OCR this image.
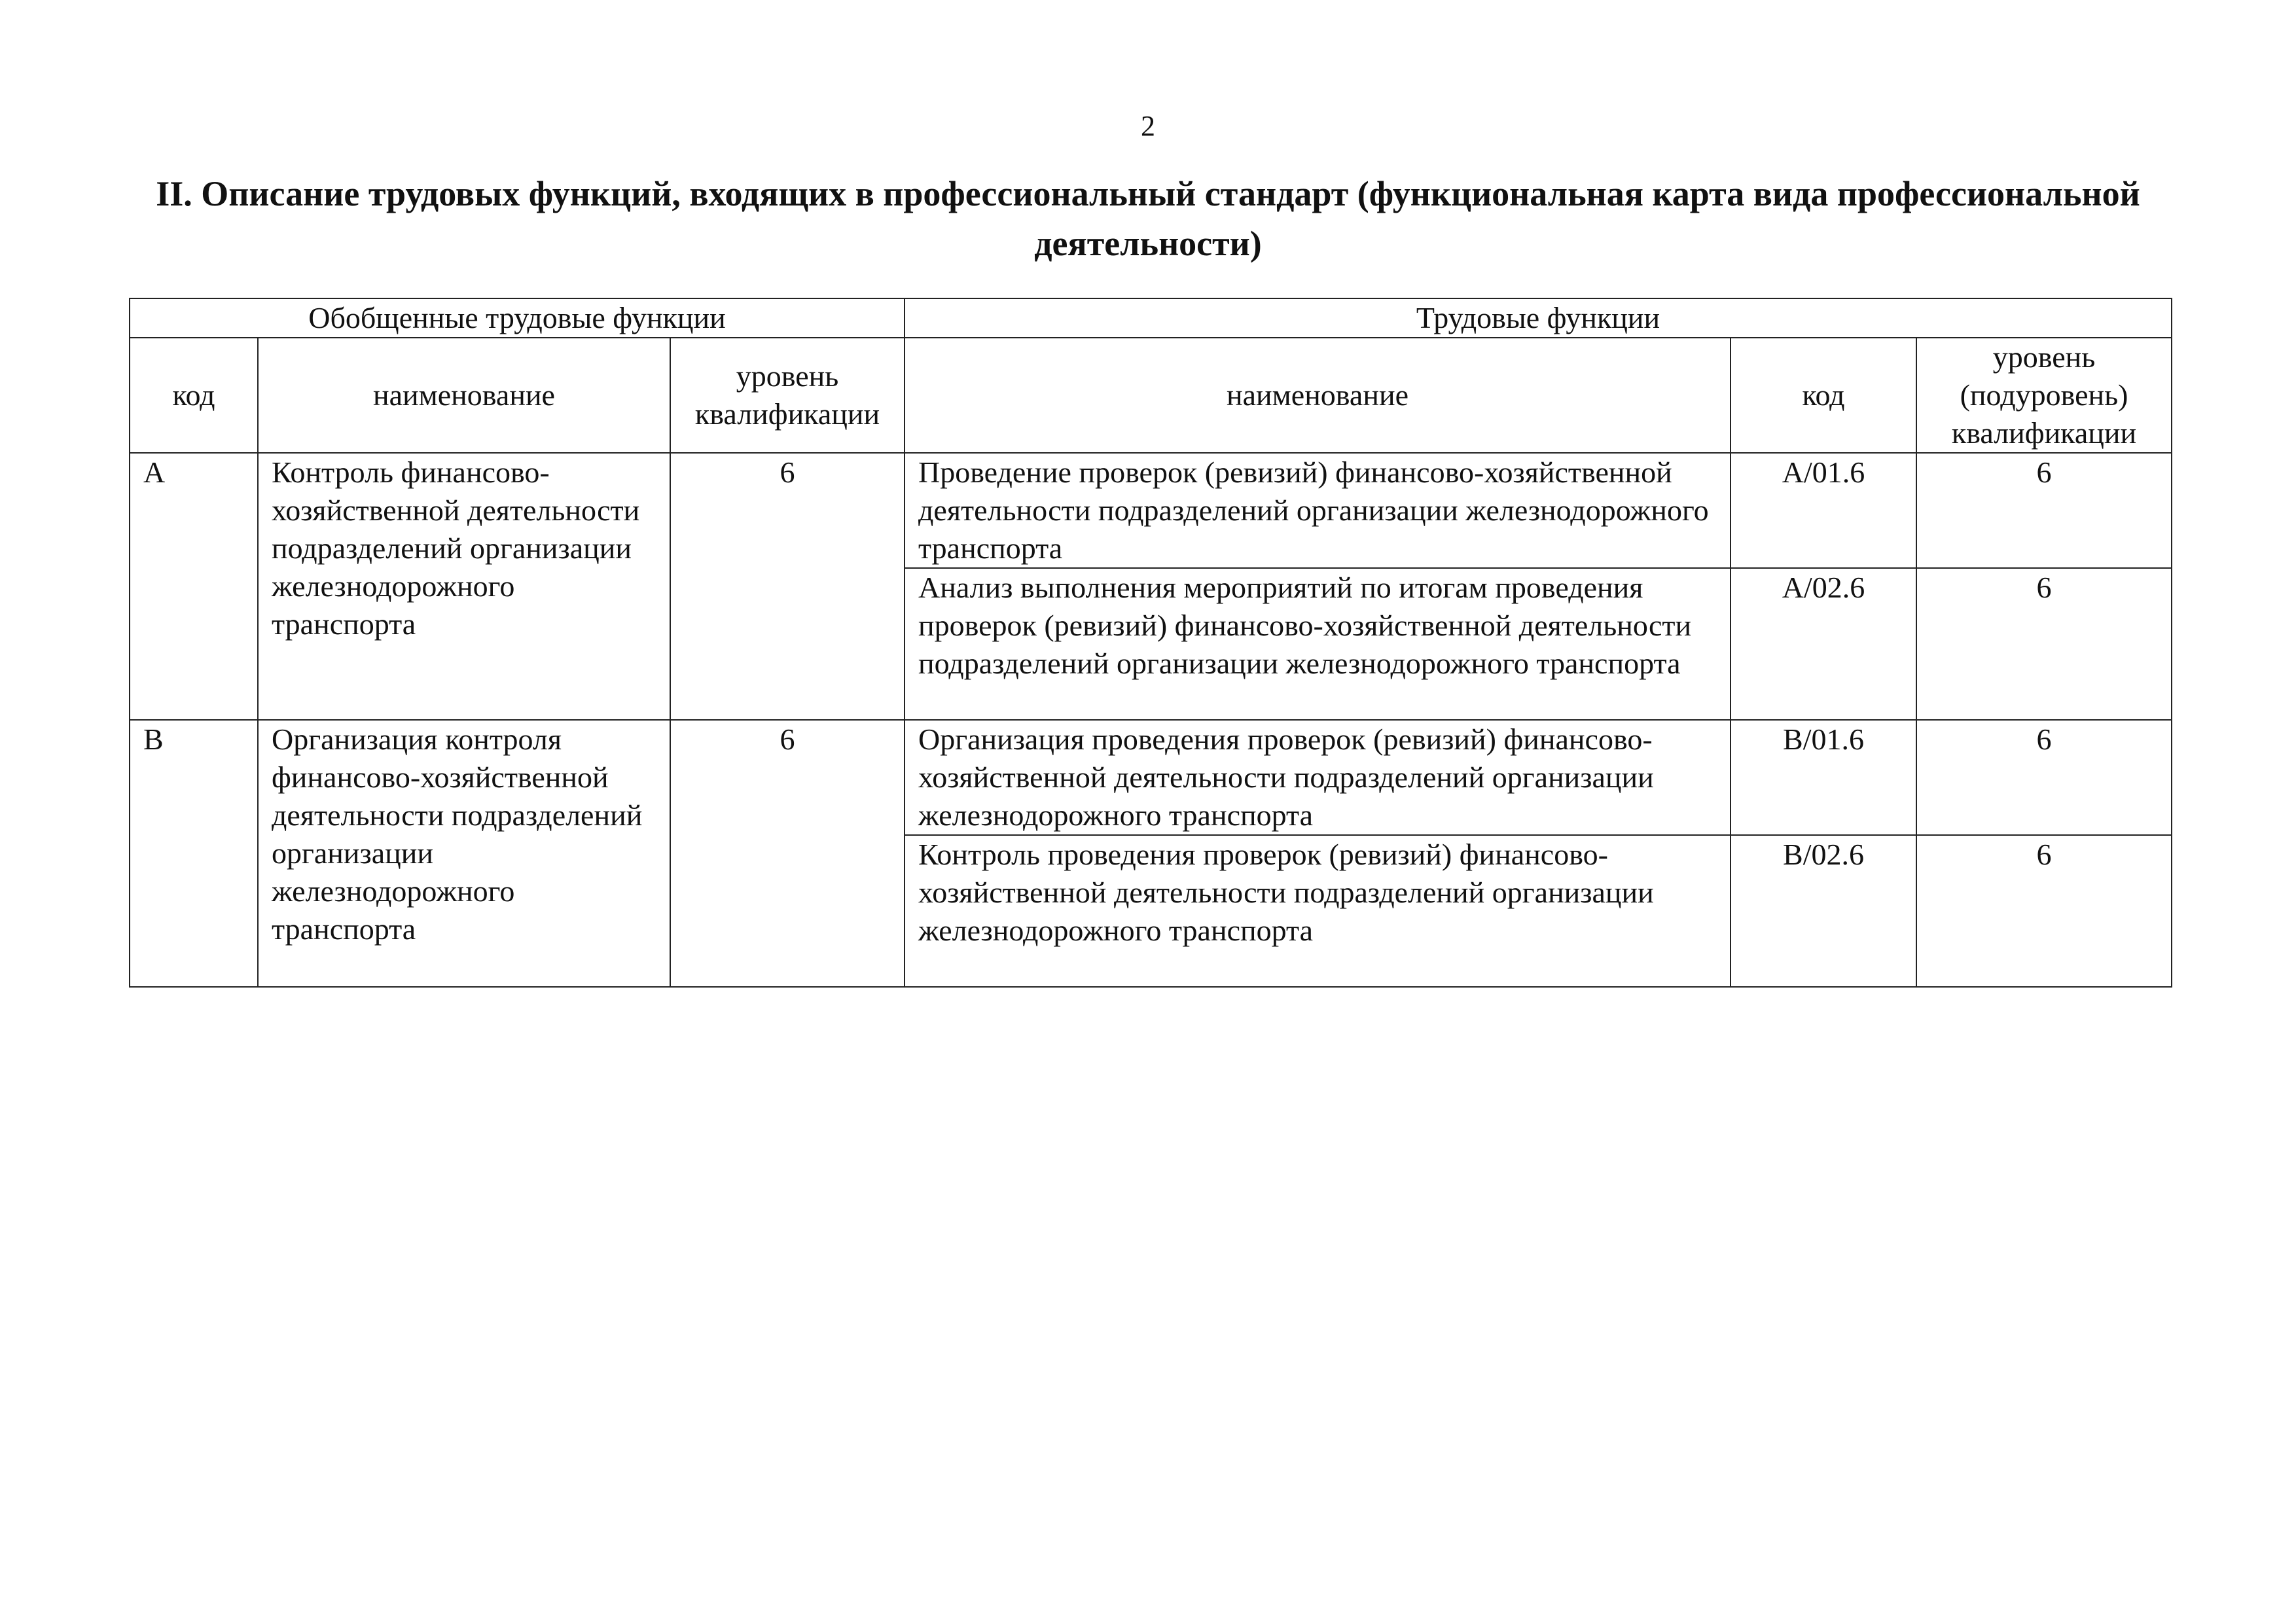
2
II. Описание трудовых функций, входящих в профессиональный стандарт (функциональная карта вида профессиональной деятельности)
Обобщенные трудовые функции			Трудовые функции		
код	наименование	уровень квалификации	наименование	код	уровень (подуровень) квалификации
A	Контроль финансово-хозяйственной деятельности подразделений организации железнодорожного транспорта	6	Проведение проверок (ревизий) финансово-хозяйственной деятельности подразделений организации железнодорожного транспорта	A/01.6	6
			Анализ выполнения мероприятий по итогам проведения проверок (ревизий) финансово-хозяйственной деятельности подразделений организации железнодорожного транспорта	A/02.6	6
B	Организация контроля финансово-хозяйственной деятельности подразделений организации железнодорожного транспорта	6	Организация проведения проверок (ревизий) финансово-хозяйственной деятельности подразделений организации железнодорожного транспорта	B/01.6	6
			Контроль проведения проверок (ревизий) финансово-хозяйственной деятельности подразделений организации железнодорожного транспорта	B/02.6	6
